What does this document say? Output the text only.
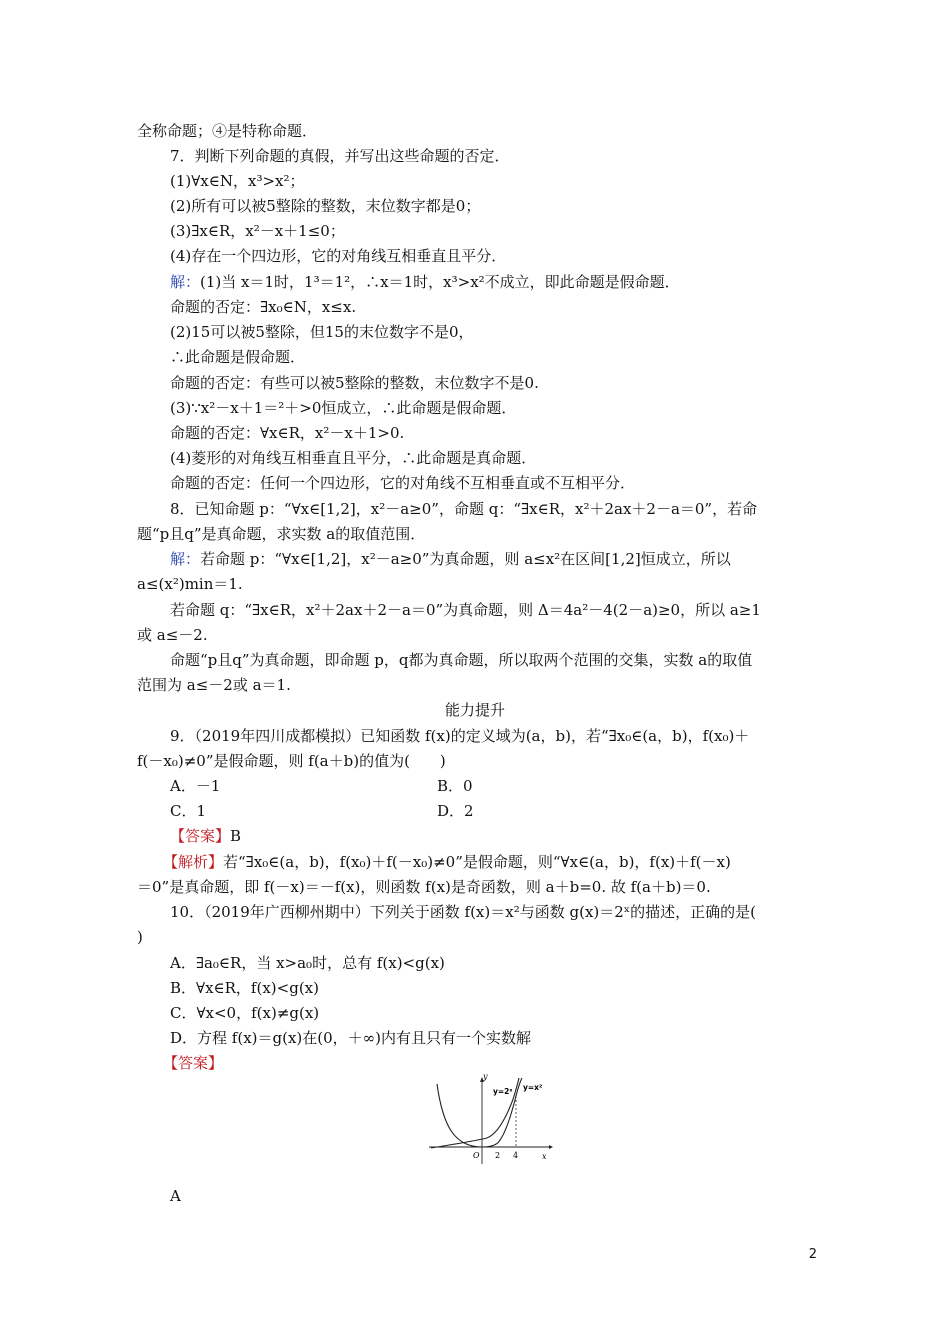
全称命题；④是特称命题．
7．判断下列命题的真假，并写出这些命题的否定．
(1)∀x∈N，x³>x²；
(2)所有可以被5整除的整数，末位数字都是0；
(3)∃x∈R，x²－x＋1≤0；
(4)存在一个四边形，它的对角线互相垂直且平分．
解：(1)当 x＝1时，1³＝1²，∴x＝1时，x³>x²不成立，即此命题是假命题．
命题的否定：∃x₀∈N，x≤x.
(2)15可以被5整除，但15的末位数字不是0，
∴此命题是假命题．
命题的否定：有些可以被5整除的整数，末位数字不是0.
(3)∵x²－x＋1＝²＋>0恒成立，∴此命题是假命题．
命题的否定：∀x∈R，x²－x＋1>0.
(4)菱形的对角线互相垂直且平分，∴此命题是真命题．
命题的否定：任何一个四边形，它的对角线不互相垂直或不互相平分．
8．已知命题 p：“∀x∈[1,2]，x²－a≥0”，命题 q：“∃x∈R，x²＋2ax＋2－a＝0”，若命
题“p且q”是真命题，求实数 a的取值范围．
解：若命题 p：“∀x∈[1,2]，x²－a≥0”为真命题，则 a≤x²在区间[1,2]恒成立，所以
a≤(x²)min＝1.
若命题 q：“∃x∈R，x²＋2ax＋2－a＝0”为真命题，则 Δ＝4a²－4(2－a)≥0，所以 a≥1
或 a≤－2.
命题“p且q”为真命题，即命题 p，q都为真命题，所以取两个范围的交集，实数 a的取值
范围为 a≤－2或 a＝1.
能力提升
9．（2019年四川成都模拟）已知函数 f(x)的定义域为(a，b)，若“∃x₀∈(a，b)，f(x₀)＋
f(－x₀)≠0”是假命题，则 f(a＋b)的值为(　　)
A．－1	B．0
C．1	D．2
【答案】B
【解析】若“∃x₀∈(a，b)，f(x₀)＋f(－x₀)≠0”是假命题，则“∀x∈(a，b)，f(x)＋f(－x)
＝0”是真命题，即 f(－x)＝－f(x)，则函数 f(x)是奇函数，则 a＋b=0. 故 f(a＋b)＝0.
10．（2019年广西柳州期中）下列关于函数 f(x)＝x²与函数 g(x)＝2ˣ的描述，正确的是(
)
A．∃a₀∈R，当 x>a₀时，总有 f(x)<g(x)
B．∀x∈R，f(x)<g(x)
C．∀x<0，f(x)≠g(x)
D．方程 f(x)＝g(x)在(0，＋∞)内有且只有一个实数解
【答案】
y
x
O 2 4
y=2ˣ y=x²
A
2
